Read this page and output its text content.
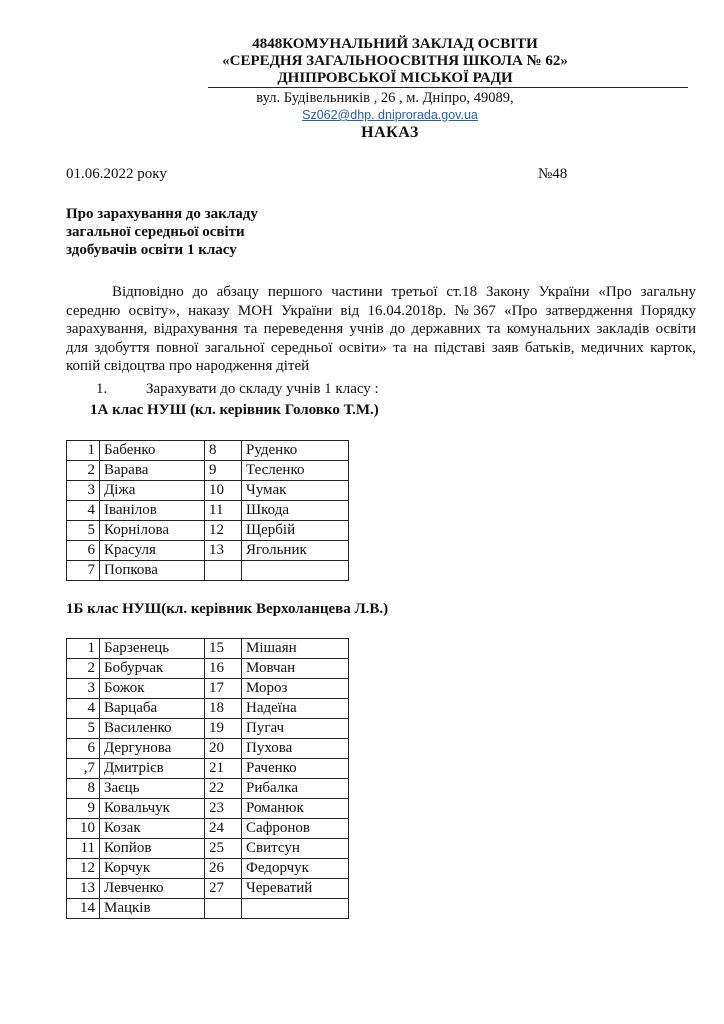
4848КОМУНАЛЬНИЙ ЗАКЛАД ОСВІТИ
«СЕРЕДНЯ ЗАГАЛЬНООСВІТНЯ ШКОЛА № 62»
ДНІПРОВСЬКОЇ МІСЬКОЇ РАДИ
вул. Будівельників , 26 , м. Дніпро, 49089,
Sz062@dhp. dniprorada.gov.ua
НАКАЗ
01.06.2022 року	№48
Про зарахування до закладу
загальної середньої освіти
здобувачів освіти 1 класу
Відповідно до абзацу першого частини третьої ст.18 Закону України «Про загальну середню освіту», наказу МОН України від 16.04.2018р. №367 «Про затвердження Порядку зарахування, відрахування та переведення учнів до державних та комунальних закладів освіти для здобуття повної загальної середньої освіти» та на підставі заяв батьків, медичних карток, копій свідоцтва про народження дітей
1.	Зарахувати до складу учнів 1 класу :
1А клас НУШ (кл. керівник Головко Т.М.)
1	Бабенко	8	Руденко
2	Варава	9	Тесленко
3	Діжа	10	Чумак
4	Іванілов	11	Шкода
5	Корнілова	12	Щербій
6	Красуля	13	Ягольник
7	Попкова		
1Б клас НУШ(кл. керівник Верхоланцева Л.В.)
1	Барзенець	15	Мішаян
2	Бобурчак	16	Мовчан
3	Божок	17	Мороз
4	Варцаба	18	Надеїна
5	Василенко	19	Пугач
6	Дергунова	20	Пухова
,7	Дмитрієв	21	Раченко
8	Заєць	22	Рибалка
9	Ковальчук	23	Романюк
10	Козак	24	Сафронов
11	Копйов	25	Свитсун
12	Корчук	26	Федорчук
13	Левченко	27	Череватий
14	Мацків		
